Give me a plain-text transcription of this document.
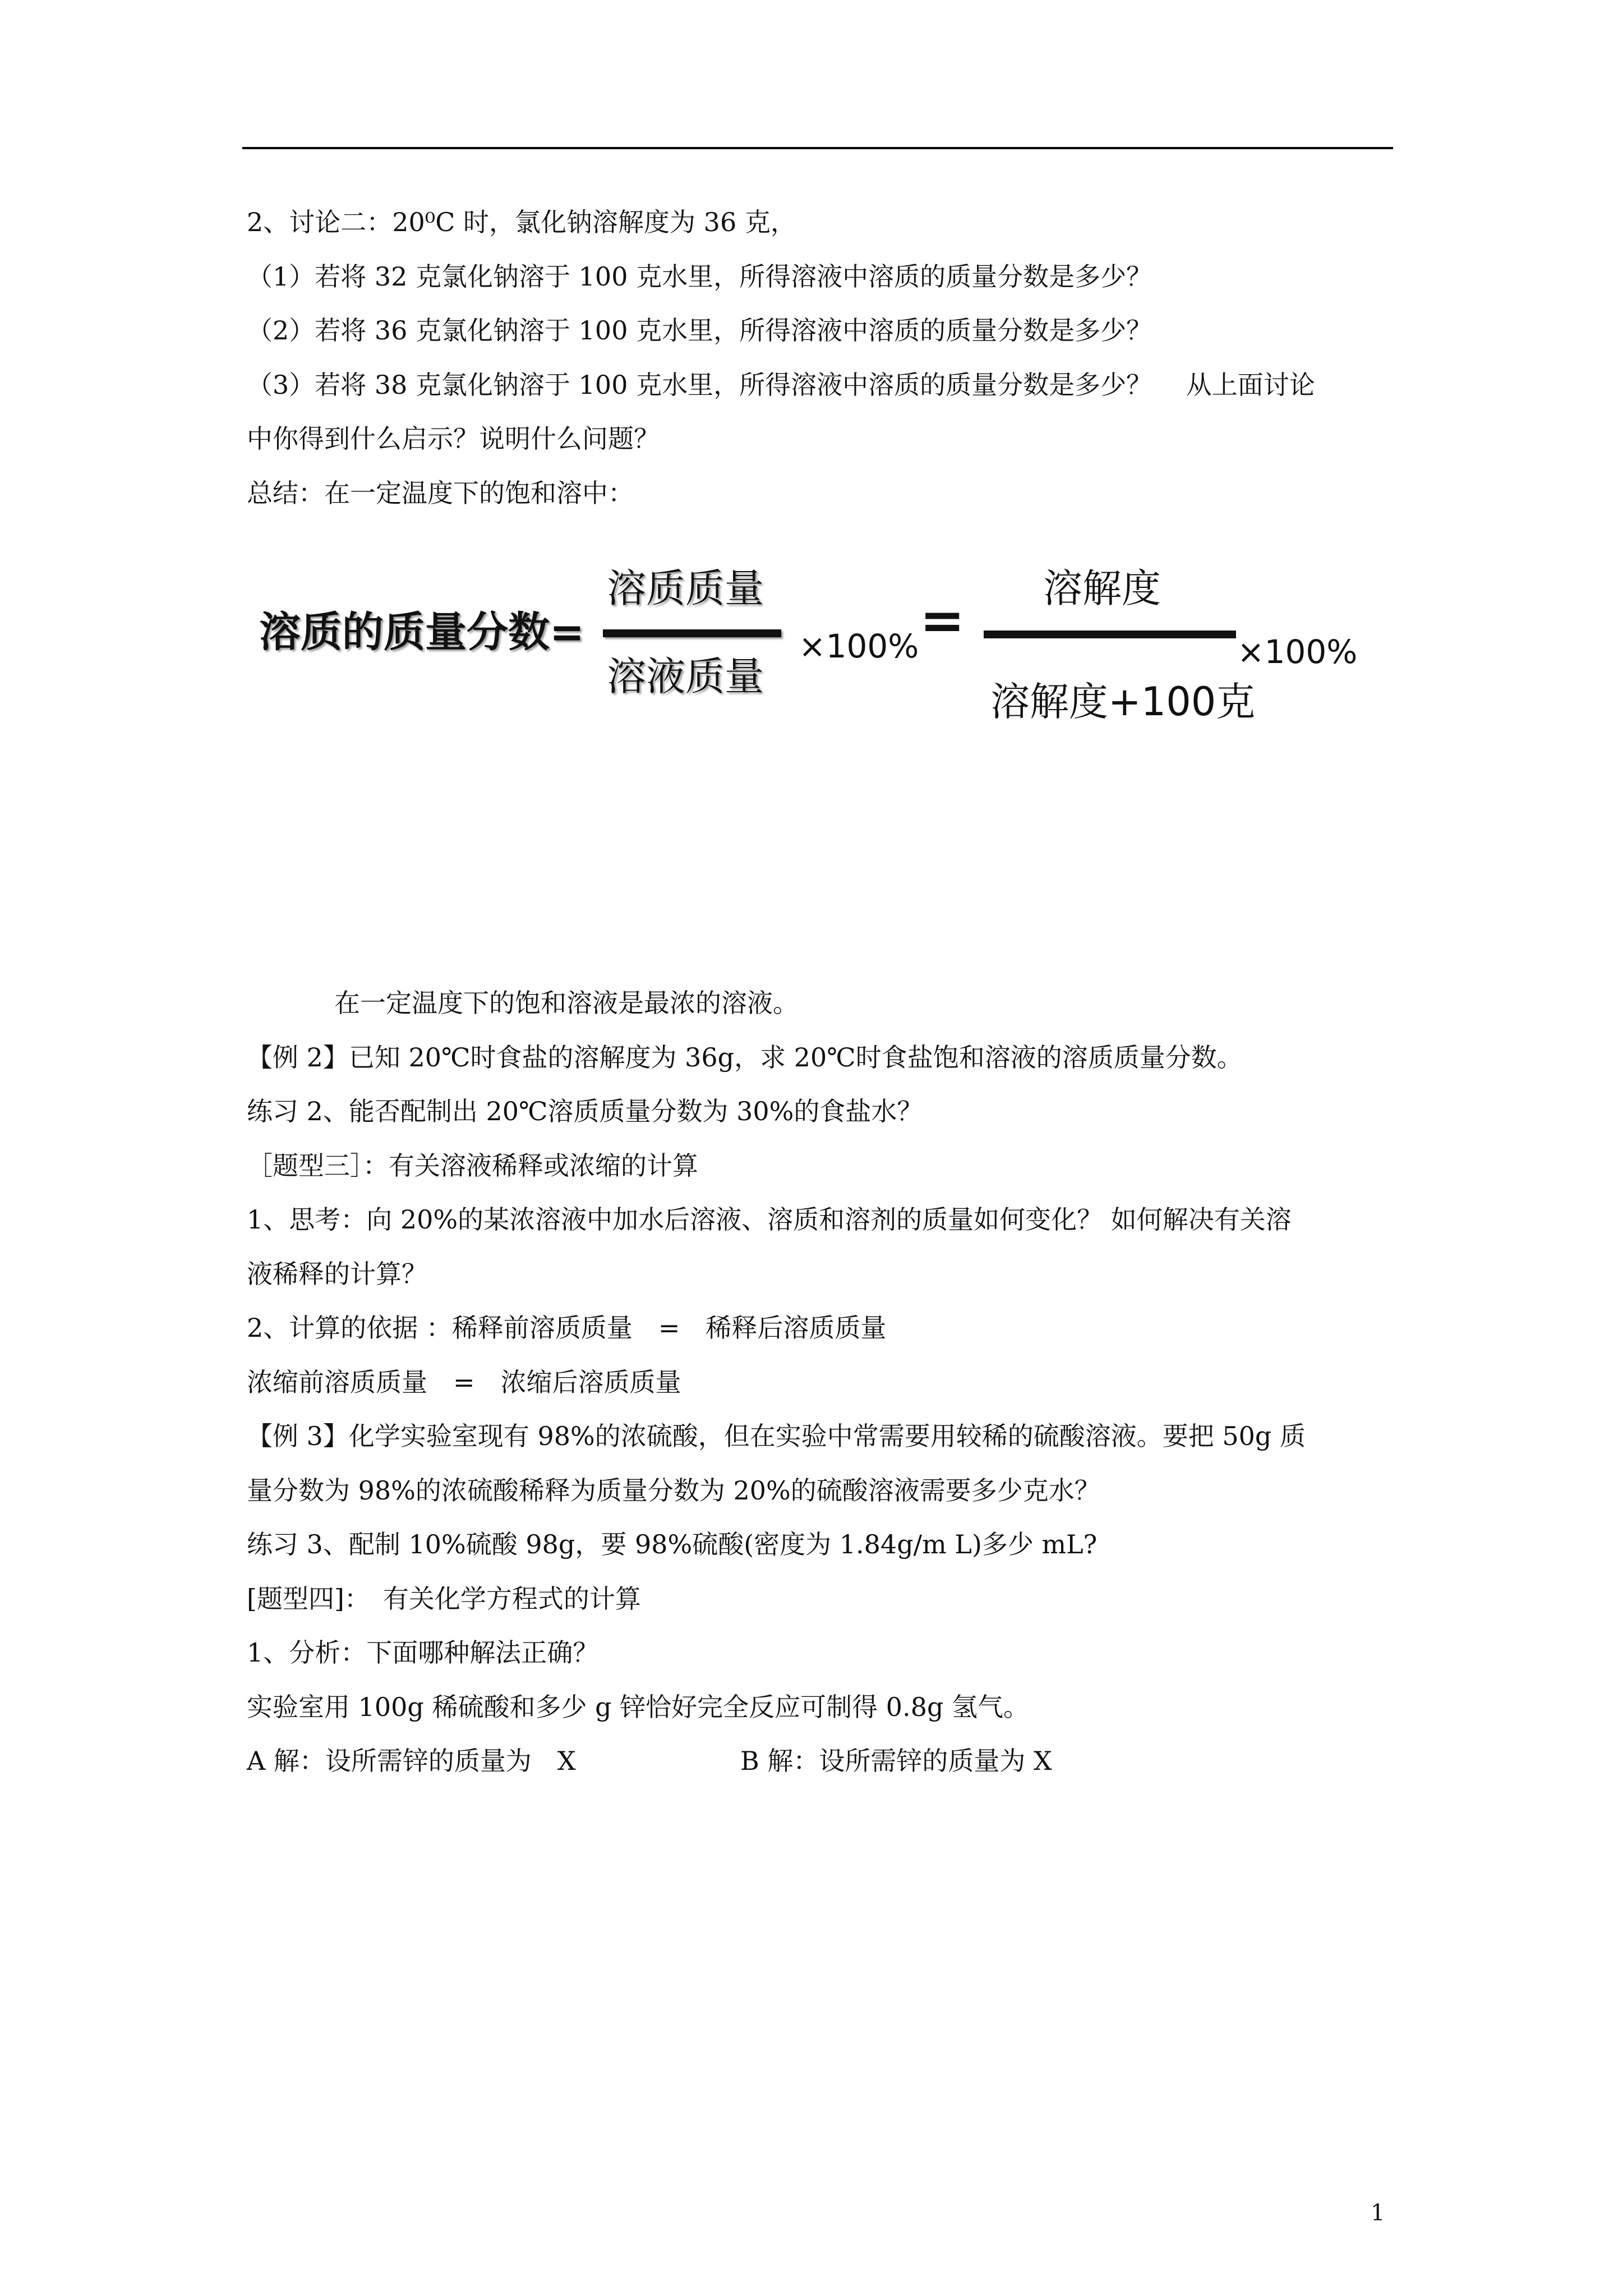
2、讨论二：20⁰C 时，氯化钠溶解度为 36 克，

（1）若将 32 克氯化钠溶于 100 克水里，所得溶液中溶质的质量分数是多少？

（2）若将 36 克氯化钠溶于 100 克水里，所得溶液中溶质的质量分数是多少？

（3）若将 38 克氯化钠溶于 100 克水里，所得溶液中溶质的质量分数是多少？　 从上面讨论

中你得到什么启示？说明什么问题？

总结：在一定温度下的饱和溶中：

溶质的质量分数=
溶质质量
溶液质量
×100% =
溶解度
溶解度+100克
×100%

在一定温度下的饱和溶液是最浓的溶液。

【例 2】已知 20℃时食盐的溶解度为 36g，求 20℃时食盐饱和溶液的溶质质量分数。

练习 2、能否配制出 20℃溶质质量分数为 30%的食盐水？

［题型三］：有关溶液稀释或浓缩的计算

1、思考：向 20%的某浓溶液中加水后溶液、溶质和溶剂的质量如何变化？ 如何解决有关溶

液稀释的计算？

2、计算的依据 ：稀释前溶质质量　=　稀释后溶质质量

浓缩前溶质质量　=　浓缩后溶质质量

【例 3】化学实验室现有 98%的浓硫酸，但在实验中常需要用较稀的硫酸溶液。要把 50g 质

量分数为 98%的浓硫酸稀释为质量分数为 20%的硫酸溶液需要多少克水？

练习 3、配制 10%硫酸 98g，要 98%硫酸(密度为 1.84g/m L)多少 mL?

[题型四]：　有关化学方程式的计算

1、分析：下面哪种解法正确？

实验室用 100g 稀硫酸和多少 g 锌恰好完全反应可制得 0.8g 氢气。

A 解：设所需锌的质量为　X	B 解：设所需锌的质量为 X
1
